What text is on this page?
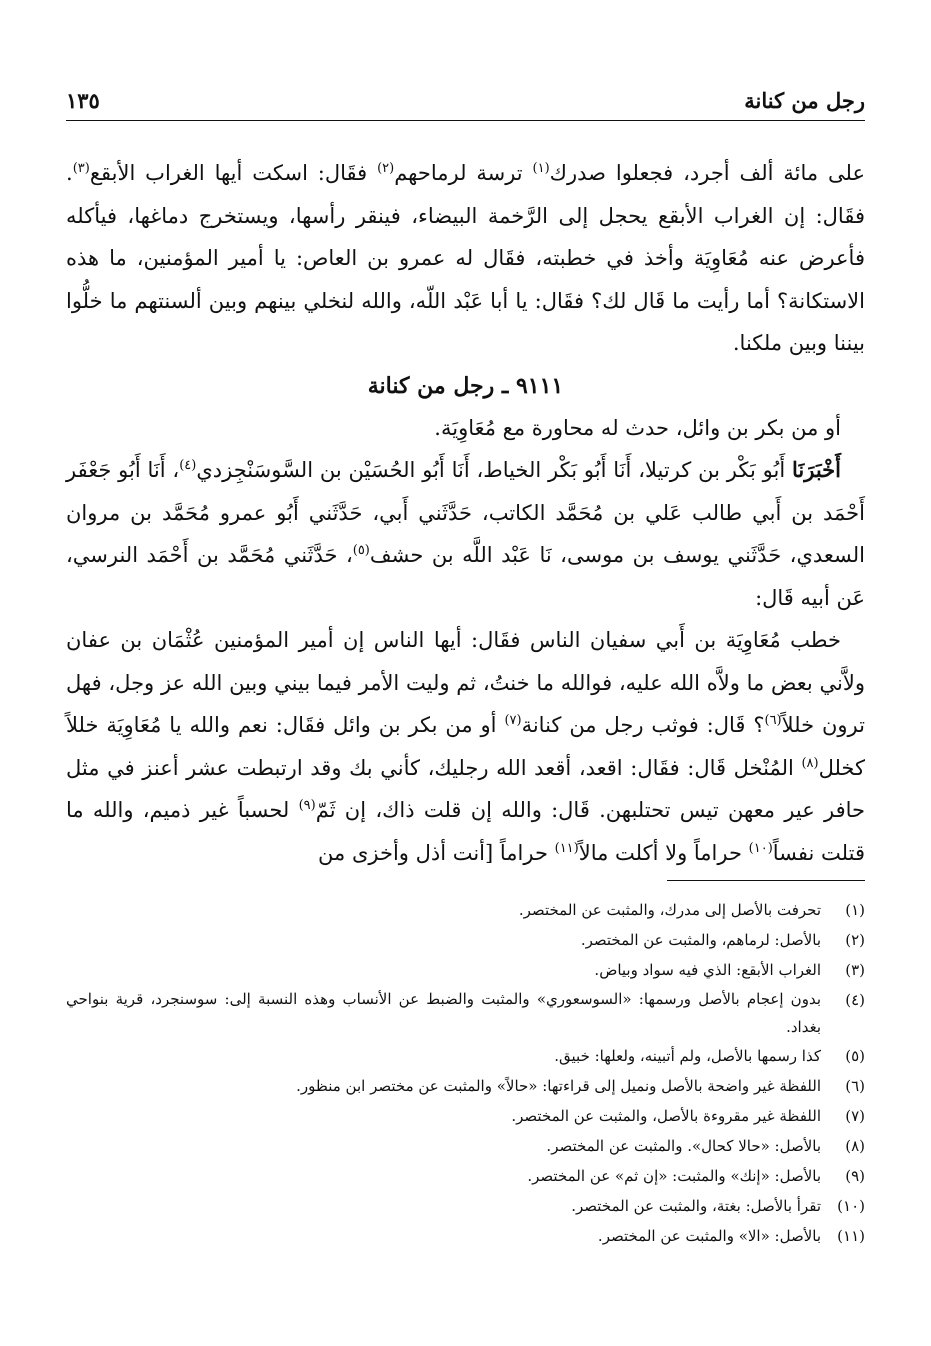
رجل من كنانة
١٣٥

على مائة ألف أجرد، فجعلوا صدرك$^{(١)}$ ترسة لرماحهم$^{(٢)}$ فقَال: اسكت أيها الغراب الأبقع$^{(٣)}$. فقَال: إن الغراب الأبقع يحجل إلى الرَّخمة البيضاء، فينقر رأسها، ويستخرج دماغها، فيأكله فأعرض عنه مُعَاوِيَة وأخذ في خطبته، فقَال له عمرو بن العاص: يا أمير المؤمنين، ما هذه الاستكانة؟ أما رأيت ما قَال لك؟ فقَال: يا أبا عَبْد اللّه، والله لنخلي بينهم وبين ألسنتهم ما خلُّوا بيننا وبين ملكنا.

٩١١١ ـ رجل من كنانة

أو من بكر بن وائل، حدث له محاورة مع مُعَاوِيَة.

أَخْبَرَنَا أَبُو بَكْر بن كرتيلا، أَنَا أَبُو بَكْر الخياط، أَنَا أَبُو الحُسَيْن بن السَّوسَنْجِزدي$^{(٤)}$، أَنَا أَبُو جَعْفَر أَحْمَد بن أَبي طالب عَلي بن مُحَمَّد الكاتب، حَدَّثَني أَبي، حَدَّثَني أَبُو عمرو مُحَمَّد بن مروان السعدي، حَدَّثَني يوسف بن موسى، نَا عَبْد اللَّه بن حشف$^{(٥)}$، حَدَّثَني مُحَمَّد بن أَحْمَد النرسي، عَن أبيه قَال:

خطب مُعَاوِيَة بن أَبي سفيان الناس فقَال: أيها الناس إن أمير المؤمنين عُثْمَان بن عفان ولاَّني بعض ما ولاَّه الله عليه، فوالله ما خنتُ، ثم وليت الأمر فيما بيني وبين الله عز وجل، فهل ترون خللاً$^{(٦)}$؟ قَال: فوثب رجل من كنانة$^{(٧)}$ أو من بكر بن وائل فقَال: نعم والله يا مُعَاوِيَة خللاً كخلل$^{(٨)}$ المُنْخل قَال: فقَال: اقعد، أقعد الله رجليك، كأني بك وقد ارتبطت عشر أعنز في مثل حافر عير معهن تيس تحتلبهن. قَال: والله إن قلت ذاك، إن ثَمّ$^{(٩)}$ لحسباً غير ذميم، والله ما قتلت نفساً$^{(١٠)}$ حراماً ولا أكلت مالاً$^{(١١)}$ حراماً [أنت أذل وأخزى من

(١)
تحرفت بالأصل إلى مدرك، والمثبت عن المختصر.
(٢)
بالأصل: لرماهم، والمثبت عن المختصر.
(٣)
الغراب الأبقع: الذي فيه سواد وبياض.
(٤)
بدون إعجام بالأصل ورسمها: «السوسعوري» والمثبت والضبط عن الأنساب وهذه النسبة إلى: سوسنجرد، قرية بنواحي بغداد.
(٥)
كذا رسمها بالأصل، ولم أتبينه، ولعلها: خبيق.
(٦)
اللفظة غير واضحة بالأصل ونميل إلى قراءتها: «حالاً» والمثبت عن مختصر ابن منظور.
(٧)
اللفظة غير مقروءة بالأصل، والمثبت عن المختصر.
(٨)
بالأصل: «حالا كحال». والمثبت عن المختصر.
(٩)
بالأصل: «إنك» والمثبت: «إن ثم» عن المختصر.
(١٠)
تقرأ بالأصل: بغتة، والمثبت عن المختصر.
(١١)
بالأصل: «الا» والمثبت عن المختصر.
